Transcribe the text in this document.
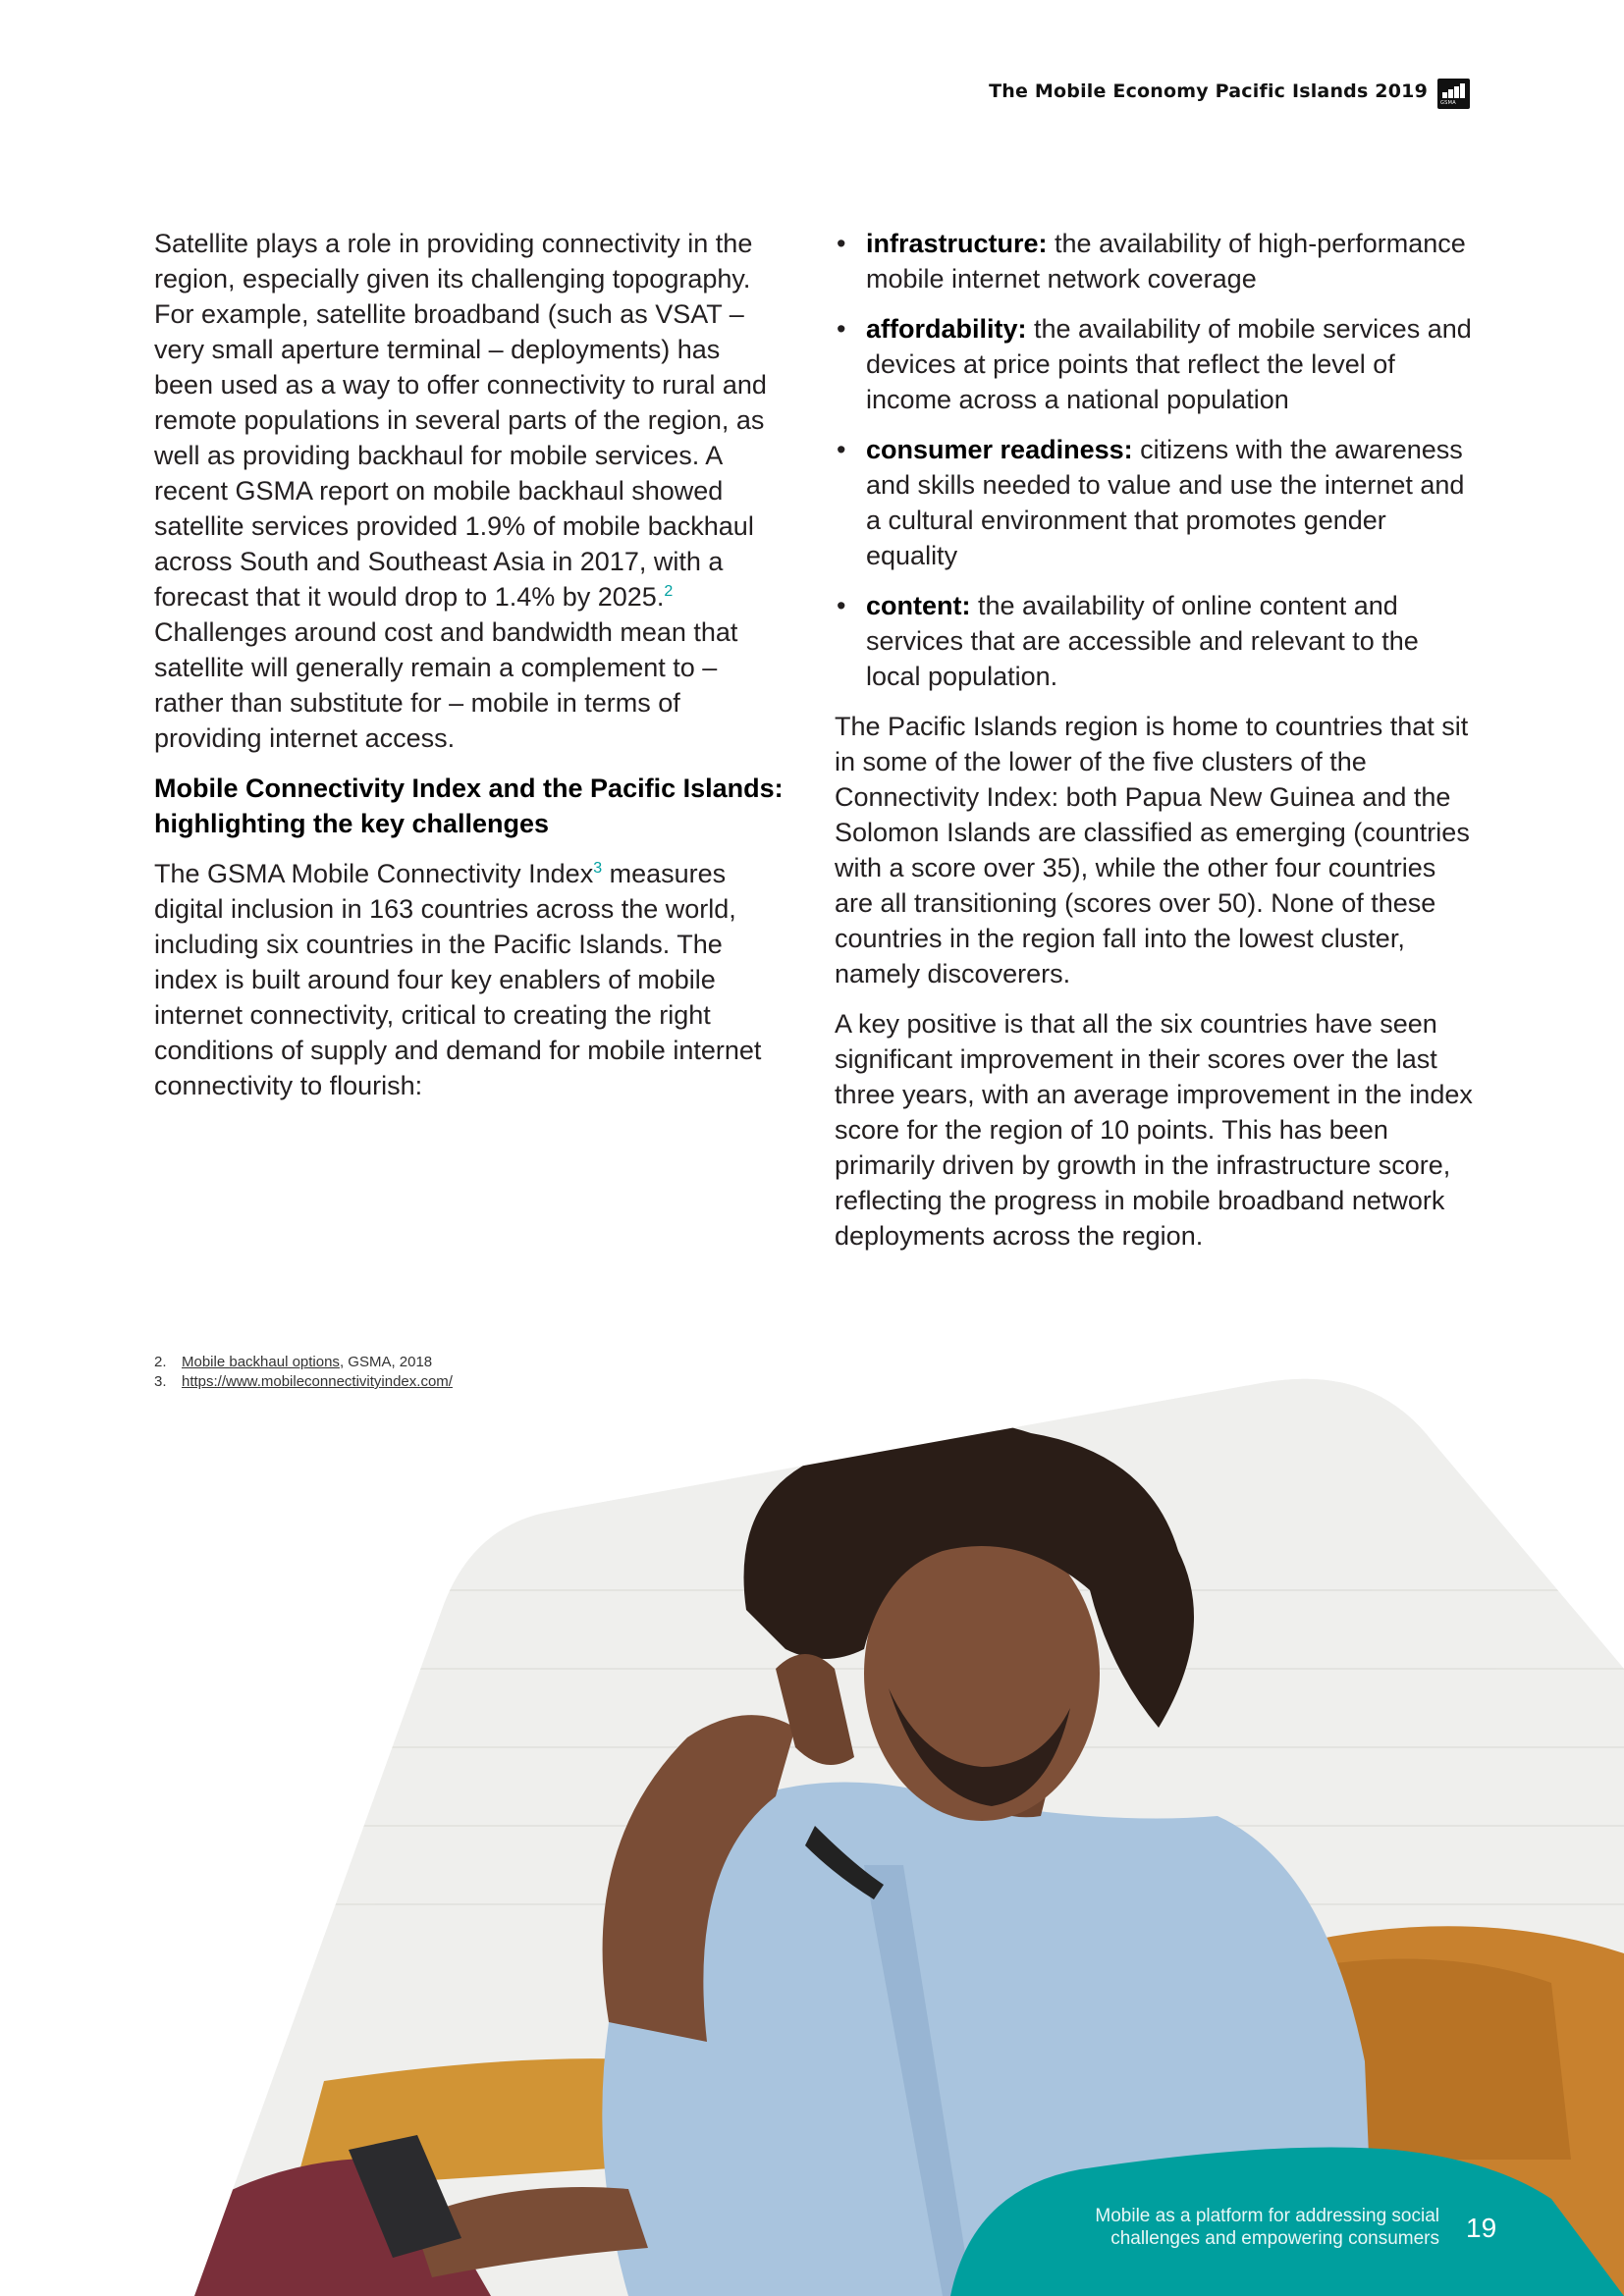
The Mobile Economy Pacific Islands 2019
GSMA

Satellite plays a role in providing connectivity in the region, especially given its challenging topography. For example, satellite broadband (such as VSAT – very small aperture terminal – deployments) has been used as a way to offer connectivity to rural and remote populations in several parts of the region, as well as providing backhaul for mobile services. A recent GSMA report on mobile backhaul showed satellite services provided 1.9% of mobile backhaul across South and Southeast Asia in 2017, with a forecast that it would drop to 1.4% by 2025.$^2$ Challenges around cost and bandwidth mean that satellite will generally remain a complement to – rather than substitute for – mobile in terms of providing internet access.

Mobile Connectivity Index and the Pacific Islands: highlighting the key challenges

The GSMA Mobile Connectivity Index$^3$ measures digital inclusion in 163 countries across the world, including six countries in the Pacific Islands. The index is built around four key enablers of mobile internet connectivity, critical to creating the right conditions of supply and demand for mobile internet connectivity to flourish:

• infrastructure: the availability of high-performance mobile internet network coverage
• affordability: the availability of mobile services and devices at price points that reflect the level of income across a national population
• consumer readiness: citizens with the awareness and skills needed to value and use the internet and a cultural environment that promotes gender equality
• content: the availability of online content and services that are accessible and relevant to the local population.

The Pacific Islands region is home to countries that sit in some of the lower of the five clusters of the Connectivity Index: both Papua New Guinea and the Solomon Islands are classified as emerging (countries with a score over 35), while the other four countries are all transitioning (scores over 50). None of these countries in the region fall into the lowest cluster, namely discoverers.

A key positive is that all the six countries have seen significant improvement in their scores over the last three years, with an average improvement in the index score for the region of 10 points. This has been primarily driven by growth in the infrastructure score, reflecting the progress in mobile broadband network deployments across the region.

2.	Mobile backhaul options, GSMA, 2018
3.	https://www.mobileconnectivityindex.com/
Mobile as a platform for addressing social
challenges and empowering consumers 19
